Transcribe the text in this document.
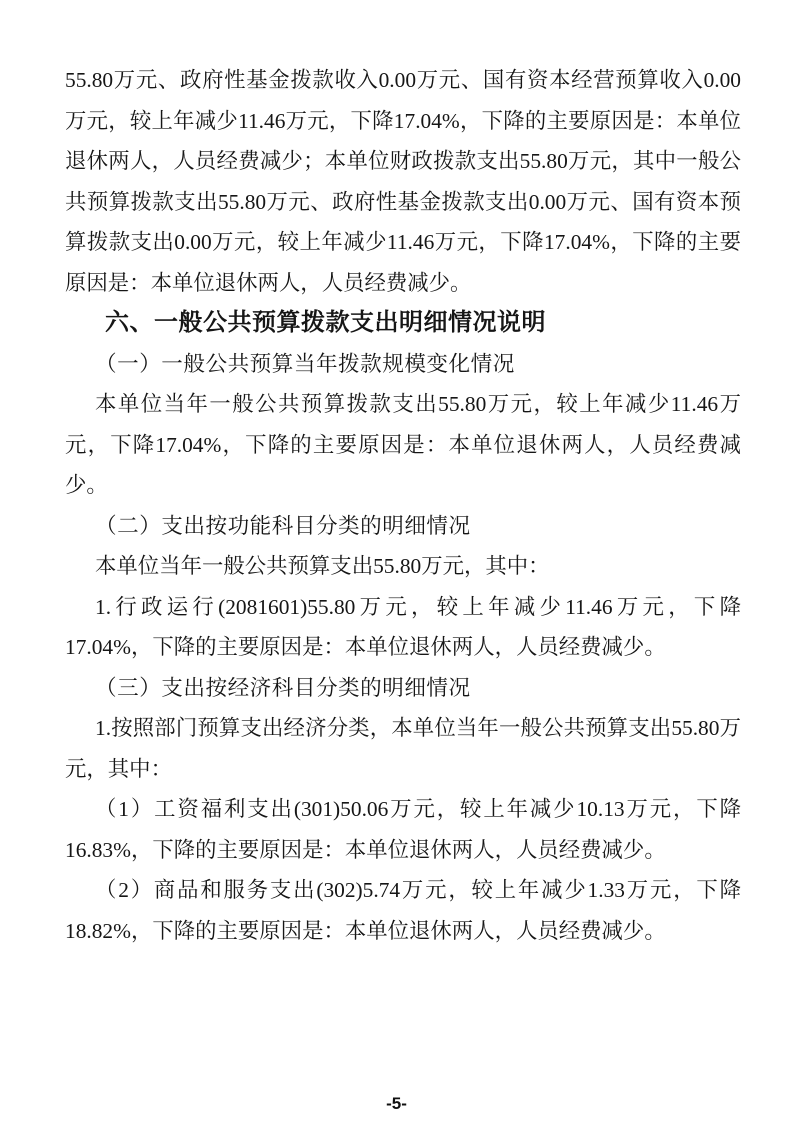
55.80万元、政府性基金拨款收入0.00万元、国有资本经营预算收入0.00万元，较上年减少11.46万元，下降17.04%，下降的主要原因是：本单位退休两人，人员经费减少；本单位财政拨款支出55.80万元，其中一般公共预算拨款支出55.80万元、政府性基金拨款支出0.00万元、国有资本预算拨款支出0.00万元，较上年减少11.46万元，下降17.04%，下降的主要原因是：本单位退休两人，人员经费减少。

六、一般公共预算拨款支出明细情况说明
（一）一般公共预算当年拨款规模变化情况

本单位当年一般公共预算拨款支出55.80万元，较上年减少11.46万元，下降17.04%，下降的主要原因是：本单位退休两人，人员经费减少。

（二）支出按功能科目分类的明细情况

本单位当年一般公共预算支出55.80万元，其中：

1.行政运行(2081601)55.80万元，较上年减少11.46万元，下降17.04%，下降的主要原因是：本单位退休两人，人员经费减少。

（三）支出按经济科目分类的明细情况

1.按照部门预算支出经济分类，本单位当年一般公共预算支出55.80万元，其中：

（1）工资福利支出(301)50.06万元，较上年减少10.13万元，下降16.83%，下降的主要原因是：本单位退休两人，人员经费减少。

（2）商品和服务支出(302)5.74万元，较上年减少1.33万元，下降18.82%，下降的主要原因是：本单位退休两人，人员经费减少。

-5-
